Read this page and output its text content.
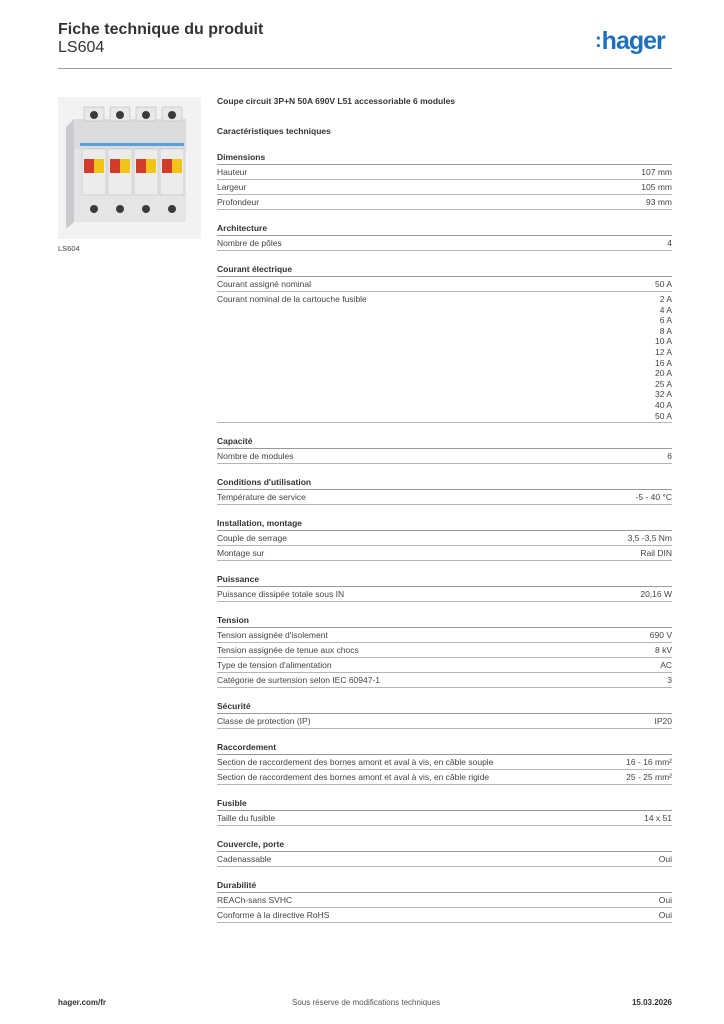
Fiche technique du produit
LS604	:hager
LS604
Coupe circuit 3P+N 50A 690V L51 accessoriable 6 modules
Caractéristiques techniques
Dimensions
Hauteur	107 mm
Largeur	105 mm
Profondeur	93 mm
Architecture
Nombre de pôles	4
Courant électrique
Courant assigné nominal	50 A
Courant nominal de la cartouche fusible	2 A
4 A
6 A
8 A
10 A
12 A
16 A
20 A
25 A
32 A
40 A
50 A
Capacité
Nombre de modules	6
Conditions d'utilisation
Température de service	-5 - 40 °C
Installation, montage
Couple de serrage	3,5 -3,5 Nm
Montage sur	Rail DIN
Puissance
Puissance dissipée totale sous IN	20,16 W
Tension
Tension assignée d'isolement	690 V
Tension assignée de tenue aux chocs	8 kV
Type de tension d'alimentation	AC
Catégorie de surtension selon IEC 60947-1	3
Sécurité
Classe de protection (IP)	IP20
Raccordement
Section de raccordement des bornes amont et aval à vis, en câble souple	16 - 16 mm²
Section de raccordement des bornes amont et aval à vis, en câble rigide	25 - 25 mm²
Fusible
Taille du fusible	14 x 51
Couvercle, porte
Cadenassable	Oui
Durabilité
REACh-sans SVHC	Oui
Conforme à la directive RoHS	Oui
hager.com/fr	Sous réserve de modifications techniques	15.03.2026
